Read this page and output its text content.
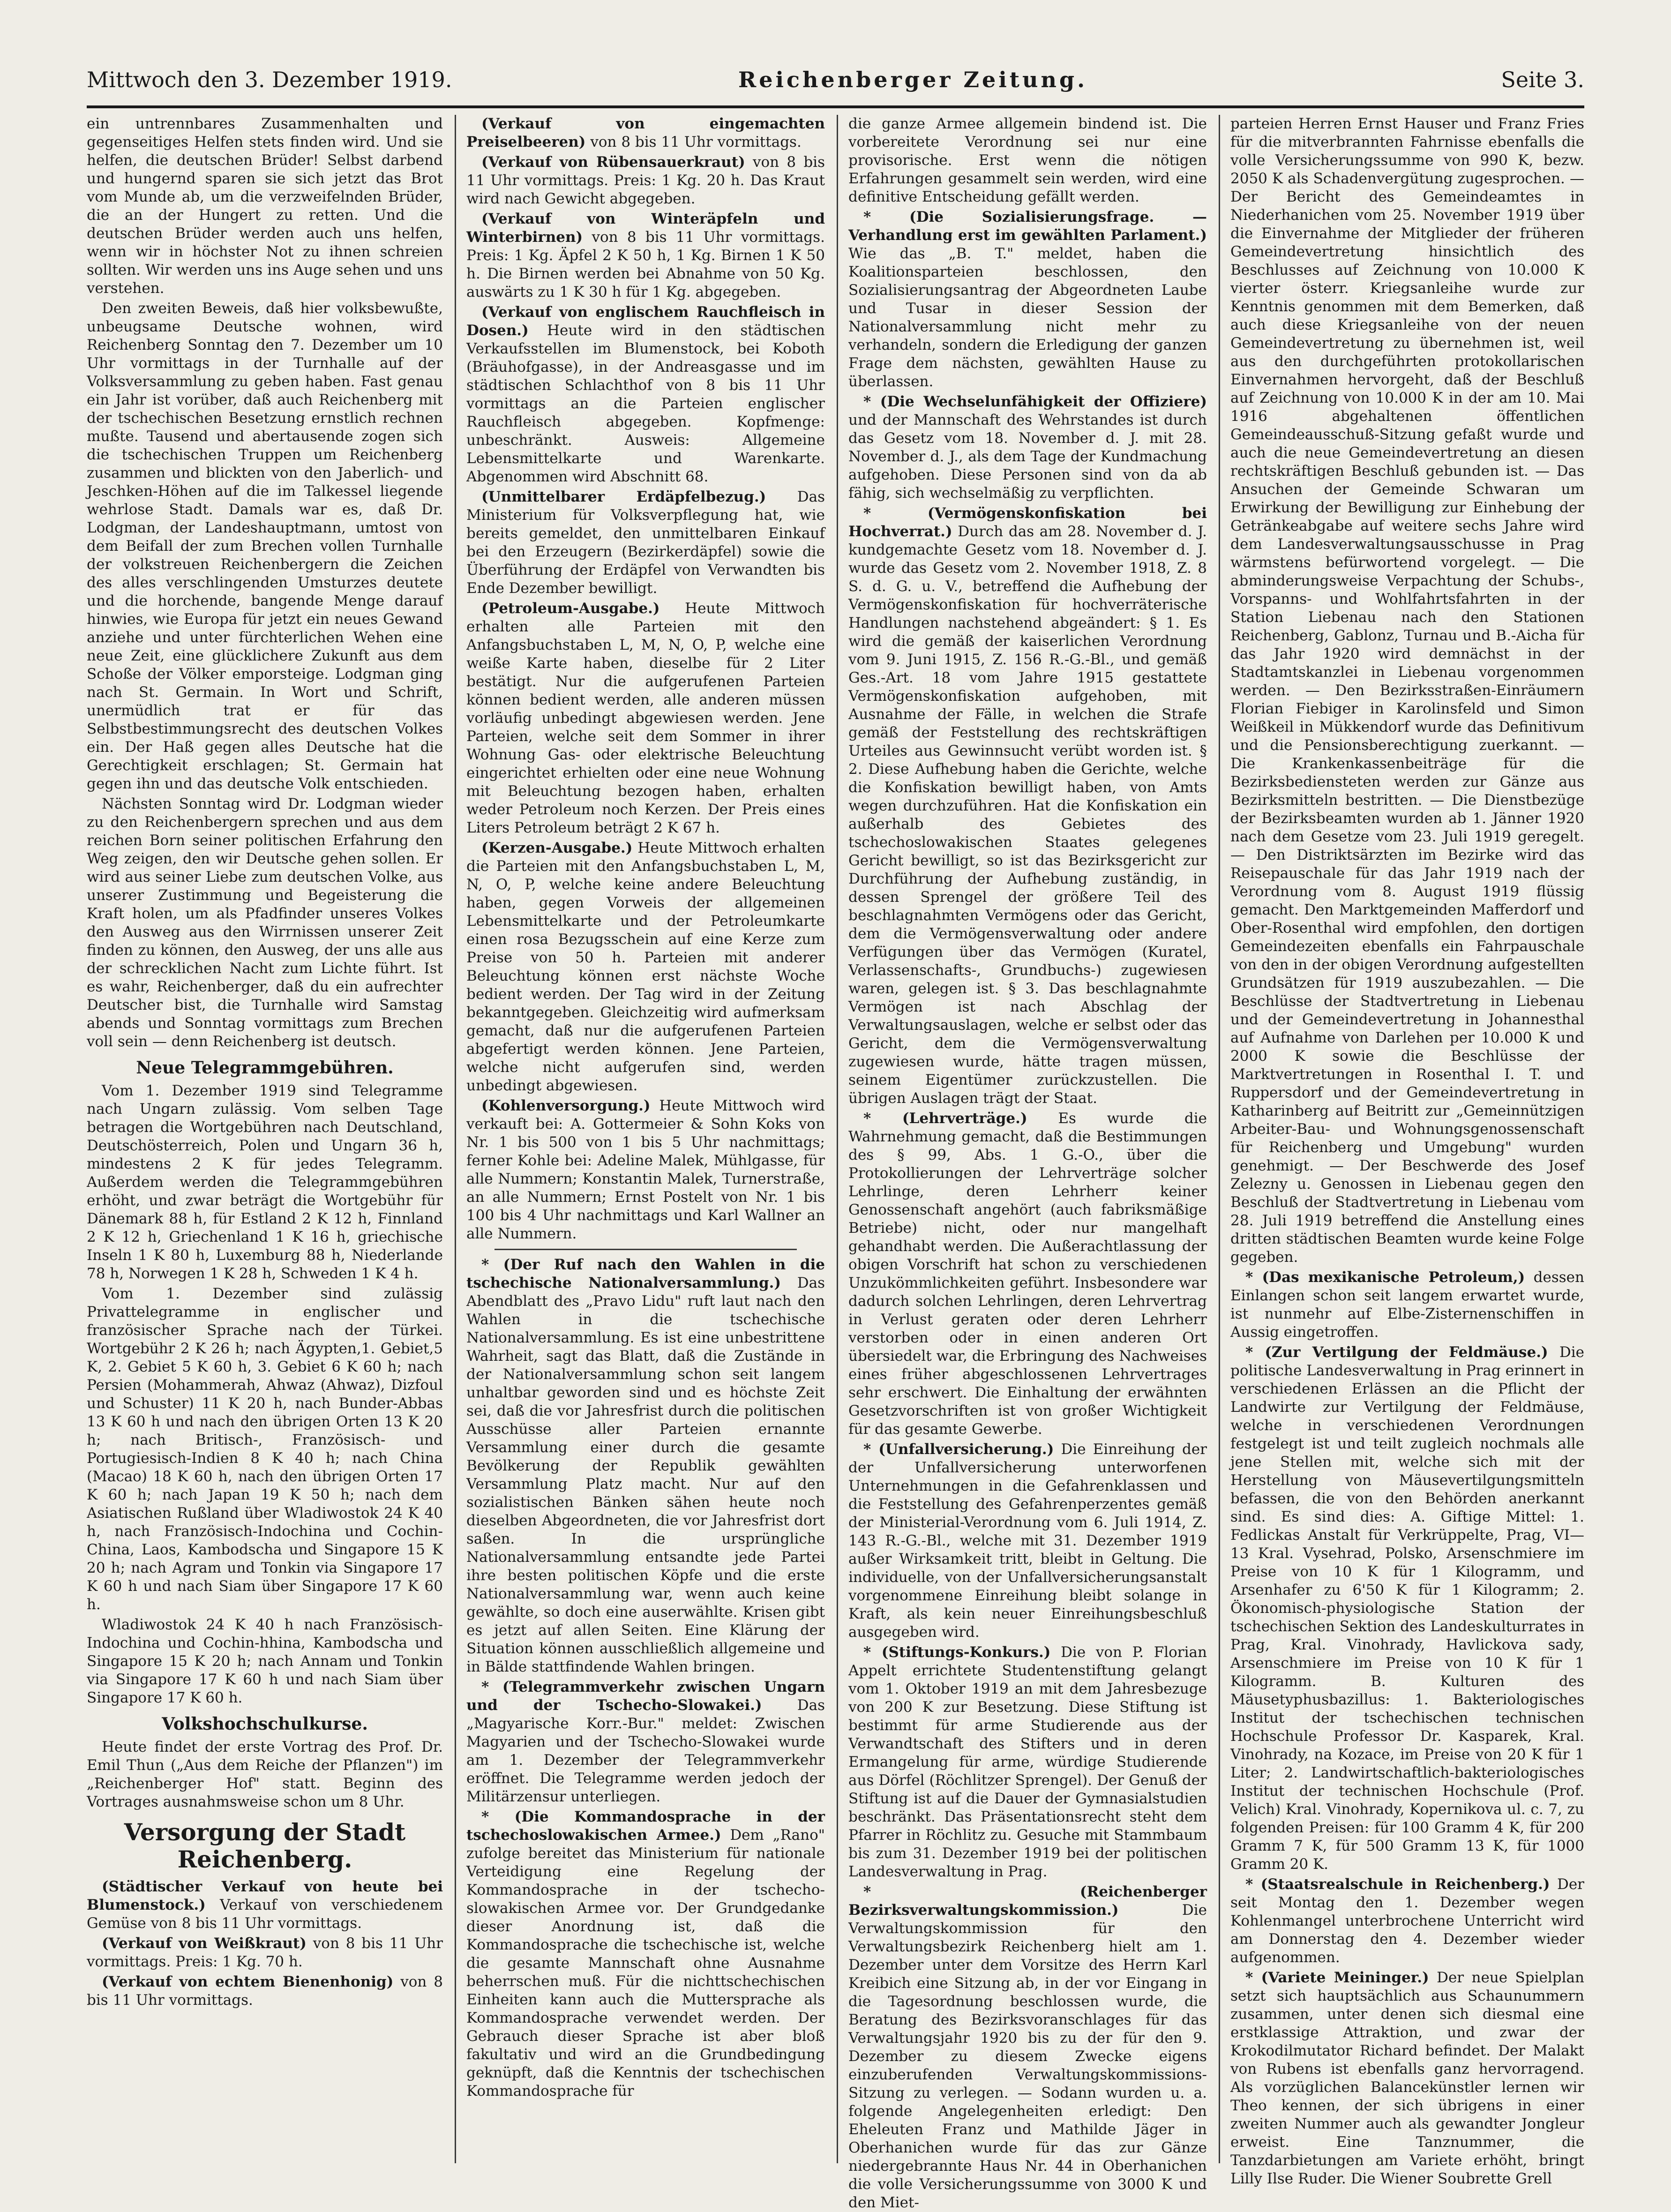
Mittwoch den 3. Dezember 1919.	Reichenberger Zeitung.	Seite 3.

ein untrennbares Zusammenhalten und gegenseitiges Helfen stets finden wird. Und sie helfen, die deutschen Brüder! Selbst darbend und hungernd sparen sie sich jetzt das Brot vom Munde ab, um die verzweifelnden Brüder, die an der Hungert zu retten. Und die deutschen Brüder werden auch uns helfen, wenn wir in höchster Not zu ihnen schreien sollten. Wir werden uns ins Auge sehen und uns verstehen.

Den zweiten Beweis, daß hier volksbewußte, unbeugsame Deutsche wohnen, wird Reichenberg Sonntag den 7. Dezember um 10 Uhr vormittags in der Turnhalle auf der Volksversammlung zu geben haben. Fast genau ein Jahr ist vorüber, daß auch Reichenberg mit der tschechischen Besetzung ernstlich rechnen mußte. Tausend und abertausende zogen sich die tschechischen Truppen um Reichenberg zusammen und blickten von den Jaberlich- und Jeschken-Höhen auf die im Talkessel liegende wehrlose Stadt. Damals war es, daß Dr. Lodgman, der Landeshauptmann, umtost von dem Beifall der zum Brechen vollen Turnhalle der volkstreuen Reichenbergern die Zeichen des alles verschlingenden Umsturzes deutete und die horchende, bangende Menge darauf hinwies, wie Europa für jetzt ein neues Gewand anziehe und unter fürchterlichen Wehen eine neue Zeit, eine glücklichere Zukunft aus dem Schoße der Völker emporsteige. Lodgman ging nach St. Germain. In Wort und Schrift, unermüdlich trat er für das Selbstbestimmungsrecht des deutschen Volkes ein. Der Haß gegen alles Deutsche hat die Gerechtigkeit erschlagen; St. Germain hat gegen ihn und das deutsche Volk entschieden.

Nächsten Sonntag wird Dr. Lodgman wieder zu den Reichenbergern sprechen und aus dem reichen Born seiner politischen Erfahrung den Weg zeigen, den wir Deutsche gehen sollen. Er wird aus seiner Liebe zum deutschen Volke, aus unserer Zustimmung und Begeisterung die Kraft holen, um als Pfadfinder unseres Volkes den Ausweg aus den Wirrnissen unserer Zeit finden zu können, den Ausweg, der uns alle aus der schrecklichen Nacht zum Lichte führt. Ist es wahr, Reichenberger, daß du ein aufrechter Deutscher bist, die Turnhalle wird Samstag abends und Sonntag vormittags zum Brechen voll sein — denn Reichenberg ist deutsch.

Neue Telegrammgebühren.

Vom 1. Dezember 1919 sind Telegramme nach Ungarn zulässig. Vom selben Tage betragen die Wortgebühren nach Deutschland, Deutschösterreich, Polen und Ungarn 36 h, mindestens 2 K für jedes Telegramm. Außerdem werden die Telegrammgebühren erhöht, und zwar beträgt die Wortgebühr für Dänemark 88 h, für Estland 2 K 12 h, Finnland 2 K 12 h, Griechenland 1 K 16 h, griechische Inseln 1 K 80 h, Luxemburg 88 h, Niederlande 78 h, Norwegen 1 K 28 h, Schweden 1 K 4 h.

Vom 1. Dezember sind zulässig Privattelegramme in englischer und französischer Sprache nach der Türkei. Wortgebühr 2 K 26 h; nach Ägypten,1. Gebiet,5 K, 2. Gebiet 5 K 60 h, 3. Gebiet 6 K 60 h; nach Persien (Mohammerah, Ahwaz (Ahwaz), Dizfoul und Schuster) 11 K 20 h, nach Bunder-Abbas 13 K 60 h und nach den übrigen Orten 13 K 20 h; nach Britisch-, Französisch- und Portugiesisch-Indien 8 K 40 h; nach China (Macao) 18 K 60 h, nach den übrigen Orten 17 K 60 h; nach Japan 19 K 50 h; nach dem Asiatischen Rußland über Wladiwostok 24 K 40 h, nach Französisch-Indochina und Cochin-China, Laos, Kambodscha und Singapore 15 K 20 h; nach Agram und Tonkin via Singapore 17 K 60 h und nach Siam über Singapore 17 K 60 h.

Wladiwostok 24 K 40 h nach Französisch-Indochina und Cochin-hhina, Kambodscha und Singapore 15 K 20 h; nach Annam und Tonkin via Singapore 17 K 60 h und nach Siam über Singapore 17 K 60 h.

Volkshochschulkurse.

Heute findet der erste Vortrag des Prof. Dr. Emil Thun („Aus dem Reiche der Pflanzen") im „Reichenberger Hof" statt. Beginn des Vortrages ausnahmsweise schon um 8 Uhr.

Versorgung der Stadt Reichenberg.

(Städtischer Verkauf von heute bei Blumenstock.) Verkauf von verschiedenem Gemüse von 8 bis 11 Uhr vormittags.

(Verkauf von Weißkraut) von 8 bis 11 Uhr vormittags. Preis: 1 Kg. 70 h.

(Verkauf von echtem Bienenhonig) von 8 bis 11 Uhr vormittags.

(Verkauf von eingemachten Preiselbeeren) von 8 bis 11 Uhr vormittags.

(Verkauf von Rübensauerkraut) von 8 bis 11 Uhr vormittags. Preis: 1 Kg. 20 h. Das Kraut wird nach Gewicht abgegeben.

(Verkauf von Winteräpfeln und Winterbirnen) von 8 bis 11 Uhr vormittags. Preis: 1 Kg. Äpfel 2 K 50 h, 1 Kg. Birnen 1 K 50 h. Die Birnen werden bei Abnahme von 50 Kg. auswärts zu 1 K 30 h für 1 Kg. abgegeben.

(Verkauf von englischem Rauchfleisch in Dosen.) Heute wird in den städtischen Verkaufsstellen im Blumenstock, bei Koboth (Bräuhofgasse), in der Andreasgasse und im städtischen Schlachthof von 8 bis 11 Uhr vormittags an die Parteien englischer Rauchfleisch abgegeben. Kopfmenge: unbeschränkt. Ausweis: Allgemeine Lebensmittelkarte und Warenkarte. Abgenommen wird Abschnitt 68.

(Unmittelbarer Erdäpfelbezug.) Das Ministerium für Volksverpflegung hat, wie bereits gemeldet, den unmittelbaren Einkauf bei den Erzeugern (Bezirkerdäpfel) sowie die Überführung der Erdäpfel von Verwandten bis Ende Dezember bewilligt.

(Petroleum-Ausgabe.) Heute Mittwoch erhalten alle Parteien mit den Anfangsbuchstaben L, M, N, O, P, welche eine weiße Karte haben, dieselbe für 2 Liter bestätigt. Nur die aufgerufenen Parteien können bedient werden, alle anderen müssen vorläufig unbedingt abgewiesen werden. Jene Parteien, welche seit dem Sommer in ihrer Wohnung Gas- oder elektrische Beleuchtung eingerichtet erhielten oder eine neue Wohnung mit Beleuchtung bezogen haben, erhalten weder Petroleum noch Kerzen. Der Preis eines Liters Petroleum beträgt 2 K 67 h.

(Kerzen-Ausgabe.) Heute Mittwoch erhalten die Parteien mit den Anfangsbuchstaben L, M, N, O, P, welche keine andere Beleuchtung haben, gegen Vorweis der allgemeinen Lebensmittelkarte und der Petroleumkarte einen rosa Bezugsschein auf eine Kerze zum Preise von 50 h. Parteien mit anderer Beleuchtung können erst nächste Woche bedient werden. Der Tag wird in der Zeitung bekanntgegeben. Gleichzeitig wird aufmerksam gemacht, daß nur die aufgerufenen Parteien abgefertigt werden können. Jene Parteien, welche nicht aufgerufen sind, werden unbedingt abgewiesen.

(Kohlenversorgung.) Heute Mittwoch wird verkauft bei: A. Gottermeier & Sohn Koks von Nr. 1 bis 500 von 1 bis 5 Uhr nachmittags; ferner Kohle bei: Adeline Malek, Mühlgasse, für alle Nummern; Konstantin Malek, Turnerstraße, an alle Nummern; Ernst Postelt von Nr. 1 bis 100 bis 4 Uhr nachmittags und Karl Wallner an alle Nummern.

* (Der Ruf nach den Wahlen in die tschechische Nationalversammlung.) Das Abendblatt des „Pravo Lidu" ruft laut nach den Wahlen in die tschechische Nationalversammlung. Es ist eine unbestrittene Wahrheit, sagt das Blatt, daß die Zustände in der Nationalversammlung schon seit langem unhaltbar geworden sind und es höchste Zeit sei, daß die vor Jahresfrist durch die politischen Ausschüsse aller Parteien ernannte Versammlung einer durch die gesamte Bevölkerung der Republik gewählten Versammlung Platz macht. Nur auf den sozialistischen Bänken sähen heute noch dieselben Abgeordneten, die vor Jahresfrist dort saßen. In die ursprüngliche Nationalversammlung entsandte jede Partei ihre besten politischen Köpfe und die erste Nationalversammlung war, wenn auch keine gewählte, so doch eine auserwählte. Krisen gibt es jetzt auf allen Seiten. Eine Klärung der Situation können ausschließlich allgemeine und in Bälde stattfindende Wahlen bringen.

* (Telegrammverkehr zwischen Ungarn und der Tschecho-Slowakei.) Das „Magyarische Korr.-Bur." meldet: Zwischen Magyarien und der Tschecho-Slowakei wurde am 1. Dezember der Telegrammverkehr eröffnet. Die Telegramme werden jedoch der Militärzensur unterliegen.

* (Die Kommandosprache in der tschechoslowakischen Armee.) Dem „Rano" zufolge bereitet das Ministerium für nationale Verteidigung eine Regelung der Kommandosprache in der tschecho-slowakischen Armee vor. Der Grundgedanke dieser Anordnung ist, daß die Kommandosprache die tschechische ist, welche die gesamte Mannschaft ohne Ausnahme beherrschen muß. Für die nichttschechischen Einheiten kann auch die Muttersprache als Kommandosprache verwendet werden. Der Gebrauch dieser Sprache ist aber bloß fakultativ und wird an die Grundbedingung geknüpft, daß die Kenntnis der tschechischen Kommandosprache für

die ganze Armee allgemein bindend ist. Die vorbereitete Verordnung sei nur eine provisorische. Erst wenn die nötigen Erfahrungen gesammelt sein werden, wird eine definitive Entscheidung gefällt werden.

* (Die Sozialisierungsfrage. — Verhandlung erst im gewählten Parlament.) Wie das „B. T." meldet, haben die Koalitionsparteien beschlossen, den Sozialisierungsantrag der Abgeordneten Laube und Tusar in dieser Session der Nationalversammlung nicht mehr zu verhandeln, sondern die Erledigung der ganzen Frage dem nächsten, gewählten Hause zu überlassen.

* (Die Wechselunfähigkeit der Offiziere) und der Mannschaft des Wehrstandes ist durch das Gesetz vom 18. November d. J. mit 28. November d. J., als dem Tage der Kundmachung aufgehoben. Diese Personen sind von da ab fähig, sich wechselmäßig zu verpflichten.

* (Vermögenskonfiskation bei Hochverrat.) Durch das am 28. November d. J. kundgemachte Gesetz vom 18. November d. J. wurde das Gesetz vom 2. November 1918, Z. 8 S. d. G. u. V., betreffend die Aufhebung der Vermögenskonfiskation für hochverräterische Handlungen nachstehend abgeändert: § 1. Es wird die gemäß der kaiserlichen Verordnung vom 9. Juni 1915, Z. 156 R.-G.-Bl., und gemäß Ges.-Art. 18 vom Jahre 1915 gestattete Vermögenskonfiskation aufgehoben, mit Ausnahme der Fälle, in welchen die Strafe gemäß der Feststellung des rechtskräftigen Urteiles aus Gewinnsucht verübt worden ist. § 2. Diese Aufhebung haben die Gerichte, welche die Konfiskation bewilligt haben, von Amts wegen durchzuführen. Hat die Konfiskation ein außerhalb des Gebietes des tschechoslowakischen Staates gelegenes Gericht bewilligt, so ist das Bezirksgericht zur Durchführung der Aufhebung zuständig, in dessen Sprengel der größere Teil des beschlagnahmten Vermögens oder das Gericht, dem die Vermögensverwaltung oder andere Verfügungen über das Vermögen (Kuratel, Verlassenschafts-, Grundbuchs-) zugewiesen waren, gelegen ist. § 3. Das beschlagnahmte Vermögen ist nach Abschlag der Verwaltungsauslagen, welche er selbst oder das Gericht, dem die Vermögensverwaltung zugewiesen wurde, hätte tragen müssen, seinem Eigentümer zurückzustellen. Die übrigen Auslagen trägt der Staat.

* (Lehrverträge.) Es wurde die Wahrnehmung gemacht, daß die Bestimmungen des § 99, Abs. 1 G.-O., über die Protokollierungen der Lehrverträge solcher Lehrlinge, deren Lehrherr keiner Genossenschaft angehört (auch fabriksmäßige Betriebe) nicht, oder nur mangelhaft gehandhabt werden. Die Außerachtlassung der obigen Vorschrift hat schon zu verschiedenen Unzukömmlichkeiten geführt. Insbesondere war dadurch solchen Lehrlingen, deren Lehrvertrag in Verlust geraten oder deren Lehrherr verstorben oder in einen anderen Ort übersiedelt war, die Erbringung des Nachweises eines früher abgeschlossenen Lehrvertrages sehr erschwert. Die Einhaltung der erwähnten Gesetzvorschriften ist von großer Wichtigkeit für das gesamte Gewerbe.

* (Unfallversicherung.) Die Einreihung der der Unfallversicherung unterworfenen Unternehmungen in die Gefahrenklassen und die Feststellung des Gefahrenperzentes gemäß der Ministerial-Verordnung vom 6. Juli 1914, Z. 143 R.-G.-Bl., welche mit 31. Dezember 1919 außer Wirksamkeit tritt, bleibt in Geltung. Die individuelle, von der Unfallversicherungsanstalt vorgenommene Einreihung bleibt solange in Kraft, als kein neuer Einreihungsbeschluß ausgegeben wird.

* (Stiftungs-Konkurs.) Die von P. Florian Appelt errichtete Studentenstiftung gelangt vom 1. Oktober 1919 an mit dem Jahresbezuge von 200 K zur Besetzung. Diese Stiftung ist bestimmt für arme Studierende aus der Verwandtschaft des Stifters und in deren Ermangelung für arme, würdige Studierende aus Dörfel (Röchlitzer Sprengel). Der Genuß der Stiftung ist auf die Dauer der Gymnasialstudien beschränkt. Das Präsentationsrecht steht dem Pfarrer in Röchlitz zu. Gesuche mit Stammbaum bis zum 31. Dezember 1919 bei der politischen Landesverwaltung in Prag.

* (Reichenberger Bezirksverwaltungskommission.)	Die Verwaltungskommission für den Verwaltungsbezirk Reichenberg hielt am 1. Dezember unter dem Vorsitze des Herrn Karl Kreibich eine Sitzung ab, in der vor Eingang in die Tagesordnung beschlossen wurde, die Beratung des Bezirksvoranschlages für das Verwaltungsjahr 1920 bis zu der für den 9. Dezember zu diesem Zwecke eigens einzuberufenden Verwaltungskommissions-Sitzung zu verlegen. — Sodann wurden u. a. folgende Angelegenheiten erledigt: Den Eheleuten Franz und Mathilde Jäger in Oberhanichen wurde für das zur Gänze niedergebrannte Haus Nr. 44 in Oberhanichen die volle Versicherungssumme von 3000 K und den Miet-

parteien Herren Ernst Hauser und Franz Fries für die mitverbrannten Fahrnisse ebenfalls die volle Versicherungssumme von 990 K, bezw. 2050 K als Schadenvergütung zugesprochen. — Der Bericht des Gemeindeamtes in Niederhanichen vom 25. November 1919 über die Einvernahme der Mitglieder der früheren Gemeindevertretung hinsichtlich des Beschlusses auf Zeichnung von 10.000 K vierter österr. Kriegsanleihe wurde zur Kenntnis genommen mit dem Bemerken, daß auch diese Kriegsanleihe von der neuen Gemeindevertretung zu übernehmen ist, weil aus den durchgeführten protokollarischen Einvernahmen hervorgeht, daß der Beschluß auf Zeichnung von 10.000 K in der am 10. Mai 1916 abgehaltenen öffentlichen Gemeindeausschuß-Sitzung gefaßt wurde und auch die neue Gemeindevertretung an diesen rechtskräftigen Beschluß gebunden ist. — Das Ansuchen der Gemeinde Schwaran um Erwirkung der Bewilligung zur Einhebung der Getränkeabgabe auf weitere sechs Jahre wird dem Landesverwaltungsausschusse in Prag wärmstens befürwortend vorgelegt. — Die abminderungsweise Verpachtung der Schubs-, Vorspanns- und Wohlfahrtsfahrten in der Station Liebenau nach den Stationen Reichenberg, Gablonz, Turnau und B.-Aicha für das Jahr 1920 wird demnächst in der Stadtamtskanzlei in Liebenau vorgenommen werden. — Den Bezirksstraßen-Einräumern Florian Fiebiger in Karolinsfeld und Simon Weißkeil in Mükkendorf wurde das Definitivum und die Pensionsberechtigung zuerkannt. — Die Krankenkassenbeiträge für die Bezirksbediensteten werden zur Gänze aus Bezirksmitteln bestritten. — Die Dienstbezüge der Bezirksbeamten wurden ab 1. Jänner 1920 nach dem Gesetze vom 23. Juli 1919 geregelt. — Den Distriktsärzten im Bezirke wird das Reisepauschale für das Jahr 1919 nach der Verordnung vom 8. August 1919 flüssig gemacht. Den Marktgemeinden Mafferdorf und Ober-Rosenthal wird empfohlen, den dortigen Gemeindezeiten ebenfalls ein Fahrpauschale von den in der obigen Verordnung aufgestellten Grundsätzen für 1919 auszubezahlen. — Die Beschlüsse der Stadtvertretung in Liebenau und der Gemeindevertretung in Johannesthal auf Aufnahme von Darlehen per 10.000 K und 2000 K sowie die Beschlüsse der Marktvertretungen in Rosenthal I. T. und Ruppersdorf und der Gemeindevertretung in Katharinberg auf Beitritt zur „Gemeinnützigen Arbeiter-Bau- und Wohnungsgenossenschaft für Reichenberg und Umgebung" wurden genehmigt. — Der Beschwerde des Josef Zelezny u. Genossen in Liebenau gegen den Beschluß der Stadtvertretung in Liebenau vom 28. Juli 1919 betreffend die Anstellung eines dritten städtischen Beamten wurde keine Folge gegeben.

* (Das mexikanische Petroleum,) dessen Einlangen schon seit langem erwartet wurde, ist nunmehr auf Elbe-Zisternenschiffen in Aussig eingetroffen.

* (Zur Vertilgung der Feldmäuse.) Die politische Landesverwaltung in Prag erinnert in verschiedenen Erlässen an die Pflicht der Landwirte zur Vertilgung der Feldmäuse, welche in verschiedenen Verordnungen festgelegt ist und teilt zugleich nochmals alle jene Stellen mit, welche sich mit der Herstellung von Mäusevertilgungsmitteln befassen, die von den Behörden anerkannt sind. Es sind dies: A. Giftige Mittel: 1. Fedlickas Anstalt für Verkrüppelte, Prag, VI—13 Kral. Vysehrad, Polsko, Arsenschmiere im Preise von 10 K für 1 Kilogramm, und Arsenhafer zu 6'50 K für 1 Kilogramm; 2. Ökonomisch-physiologische Station der tschechischen Sektion des Landeskulturrates in Prag, Kral. Vinohrady, Havlickova sady, Arsenschmiere im Preise von 10 K für 1 Kilogramm. B. Kulturen des Mäusetyphusbazillus: 1. Bakteriologisches Institut der tschechischen technischen Hochschule Professor Dr. Kasparek, Kral. Vinohrady, na Kozace, im Preise von 20 K für 1 Liter; 2. Landwirtschaftlich-bakteriologisches Institut der technischen Hochschule (Prof. Velich) Kral. Vinohrady, Kopernikova ul. c. 7, zu folgenden Preisen: für 100 Gramm 4 K, für 200 Gramm 7 K, für 500 Gramm 13 K, für 1000 Gramm 20 K.

* (Staatsrealschule in Reichenberg.) Der seit Montag den 1. Dezember wegen Kohlenmangel unterbrochene Unterricht wird am Donnerstag den 4. Dezember wieder aufgenommen.

* (Variete Meininger.) Der neue Spielplan setzt sich hauptsächlich aus Schaunummern zusammen, unter denen sich diesmal eine erstklassige Attraktion, und zwar der Krokodilmutator Richard befindet. Der Malakt von Rubens ist ebenfalls ganz hervorragend. Als vorzüglichen Balancekünstler lernen wir Theo kennen, der sich übrigens in einer zweiten Nummer auch als gewandter Jongleur erweist. Eine Tanznummer, die Tanzdarbietungen am Variete erhöht, bringt Lilly Ilse Ruder. Die Wiener Soubrette Grell
